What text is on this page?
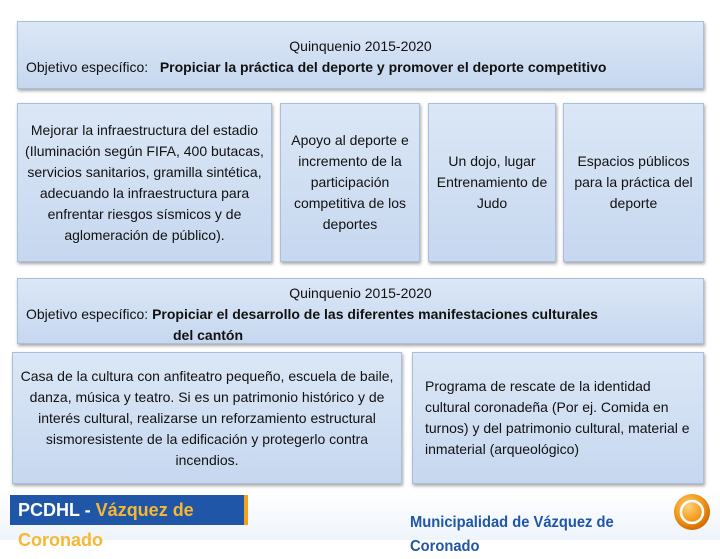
Quinquenio 2015-2020
Objetivo específico: Propiciar la práctica del deporte y promover el deporte competitivo
Mejorar la infraestructura del estadio (Iluminación según FIFA, 400 butacas, servicios sanitarios, gramilla sintética, adecuando la infraestructura para enfrentar riesgos sísmicos y de aglomeración de público).
Apoyo al deporte e incremento de la participación competitiva de los deportes
Un dojo, lugar Entrenamiento de Judo
Espacios públicos para la práctica del deporte
Quinquenio 2015-2020
Objetivo específico: Propiciar el desarrollo de las diferentes manifestaciones culturales
del cantón
Casa de la cultura con anfiteatro pequeño, escuela de baile, danza, música y teatro. Si es un patrimonio histórico y de interés cultural, realizarse un reforzamiento estructural sismoresistente de la edificación y protegerlo contra incendios.
Programa de rescate de la identidad cultural coronadeña (Por ej. Comida en turnos) y del patrimonio cultural, material e inmaterial (arqueológico)
PCDHL - Vázquez de Coronado
Municipalidad de Vázquez de Coronado
